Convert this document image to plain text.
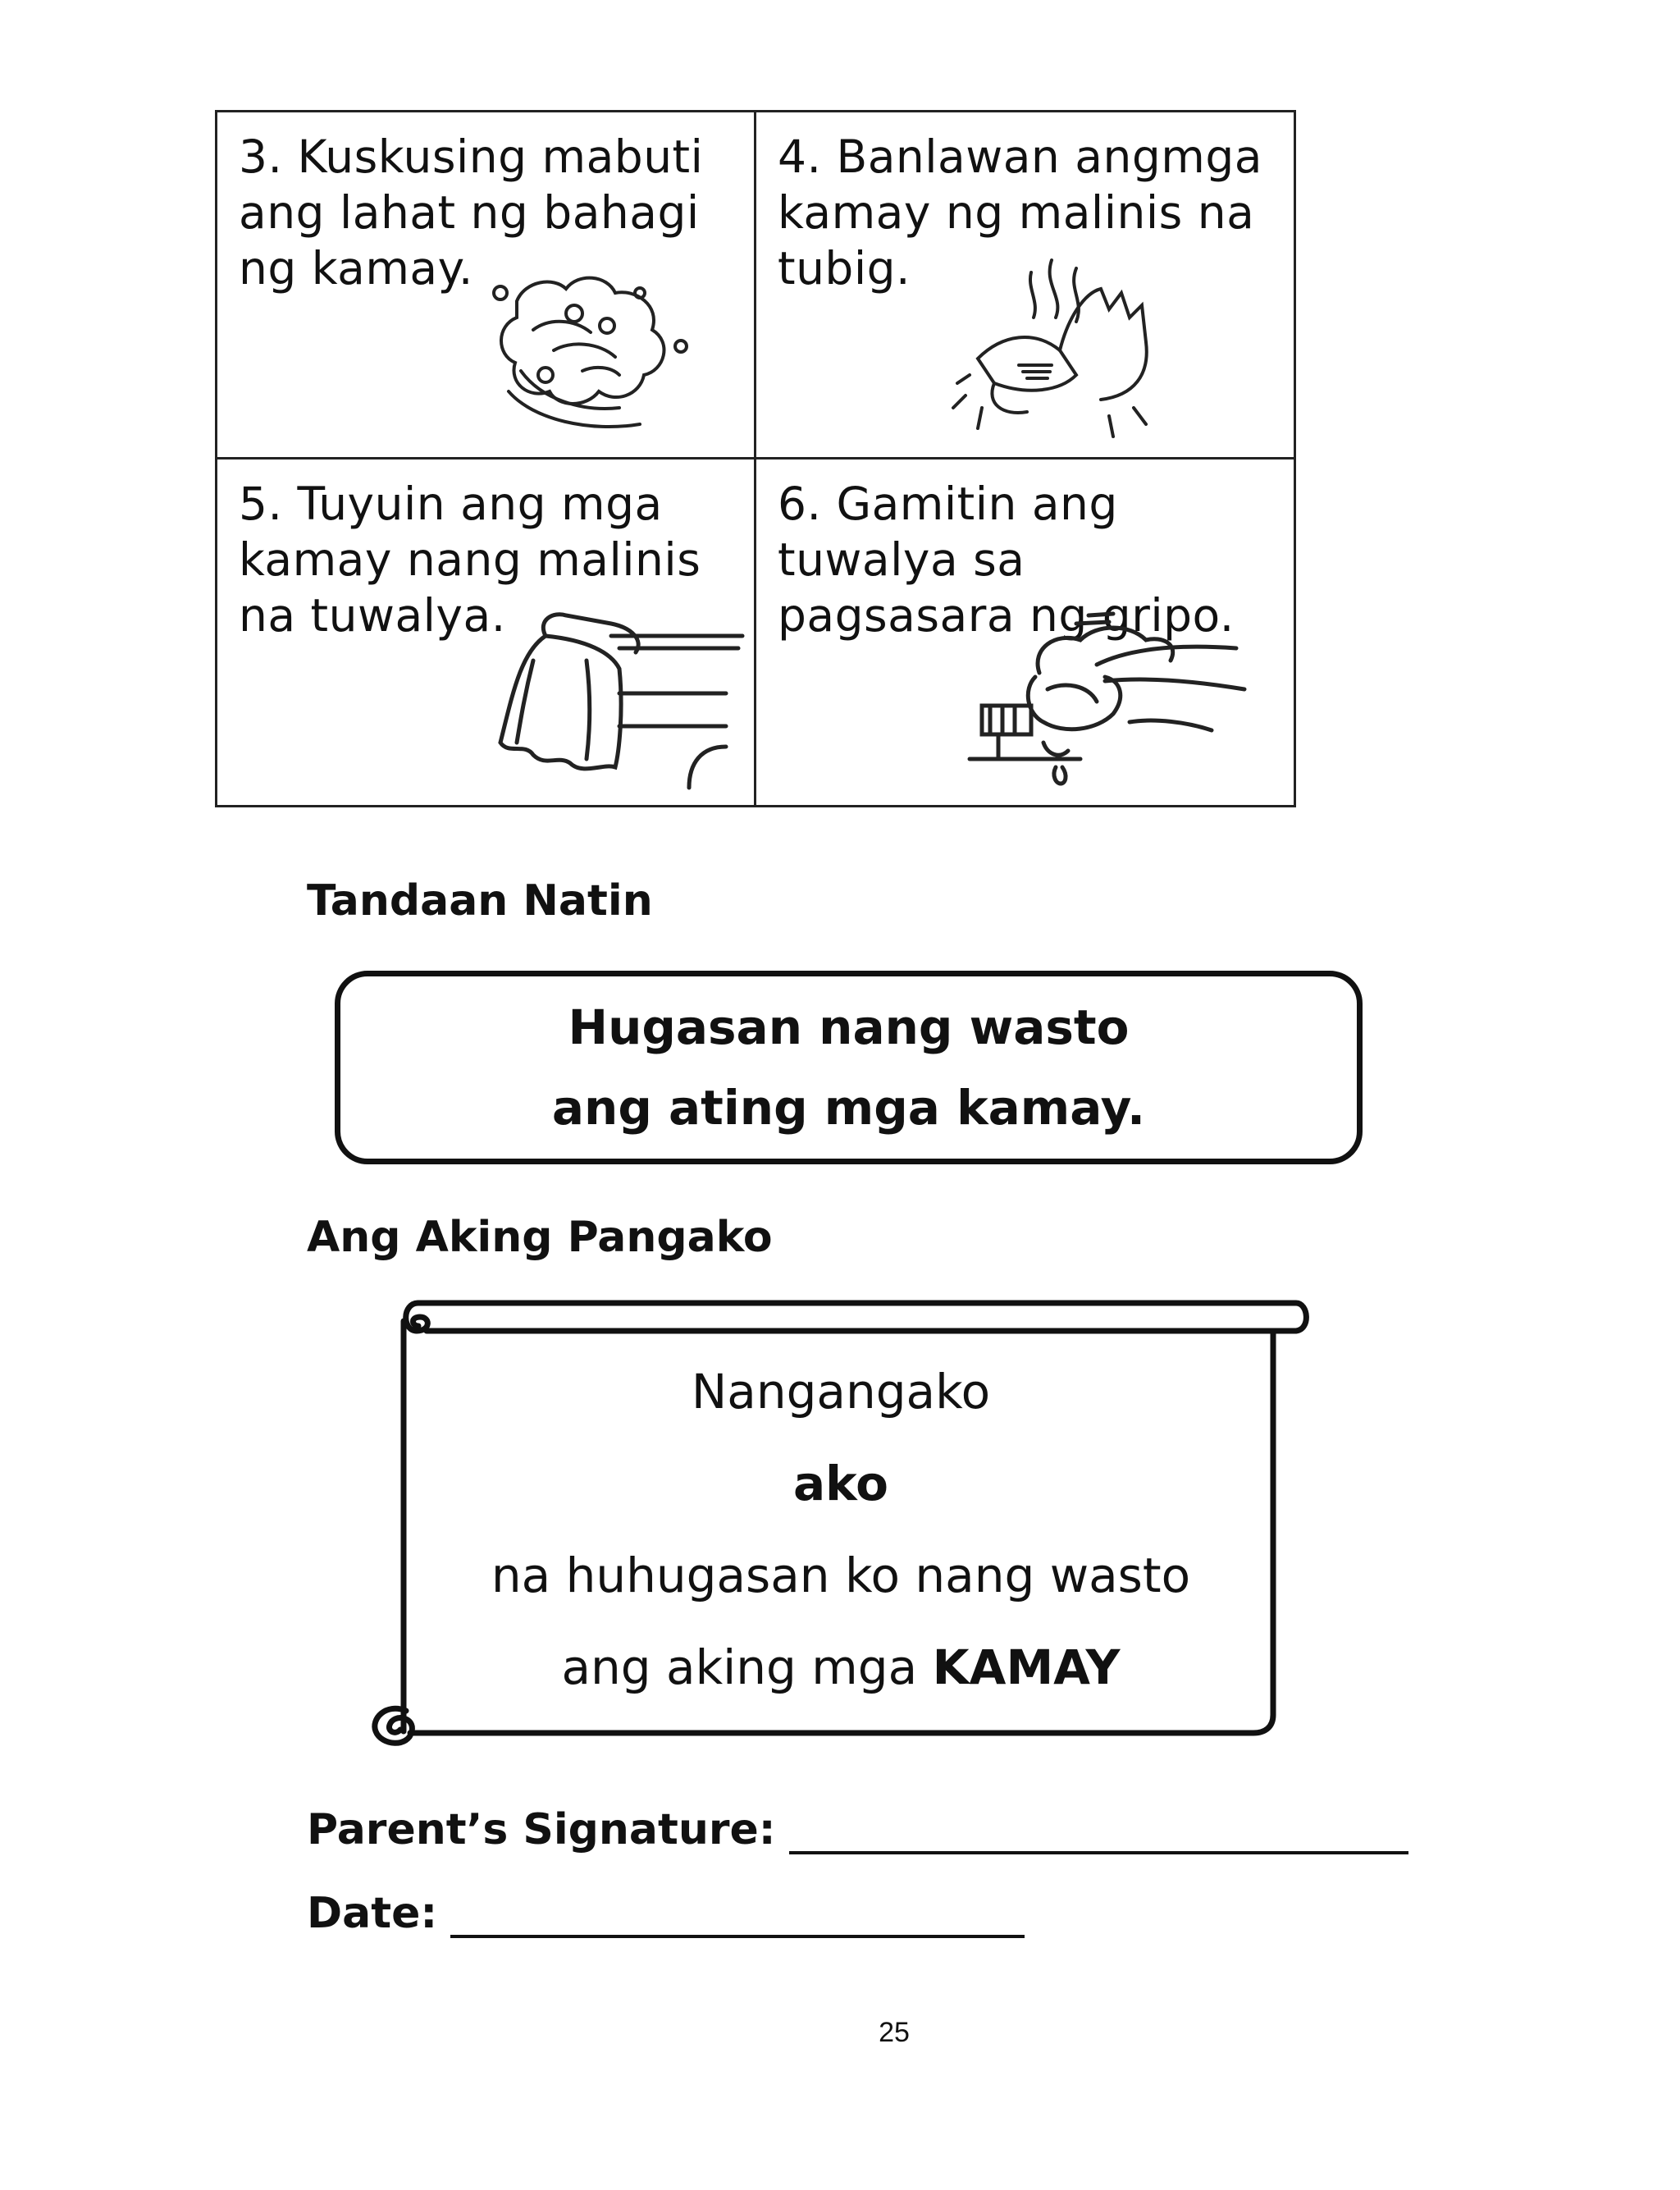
3. Kuskusing mabuti ang lahat ng bahagi ng kamay.
4. Banlawan angmga kamay ng malinis na tubig.
5. Tuyuin ang mga kamay nang malinis na tuwalya.
6. Gamitin ang tuwalya sa pagsasara ng gripo.
Tandaan Natin
Hugasan nang wasto
ang ating mga kamay.
Ang Aking Pangako
Nangangako
ako
na huhugasan ko nang wasto
ang aking mga KAMAY
Parent’s Signature:
Date:
25
